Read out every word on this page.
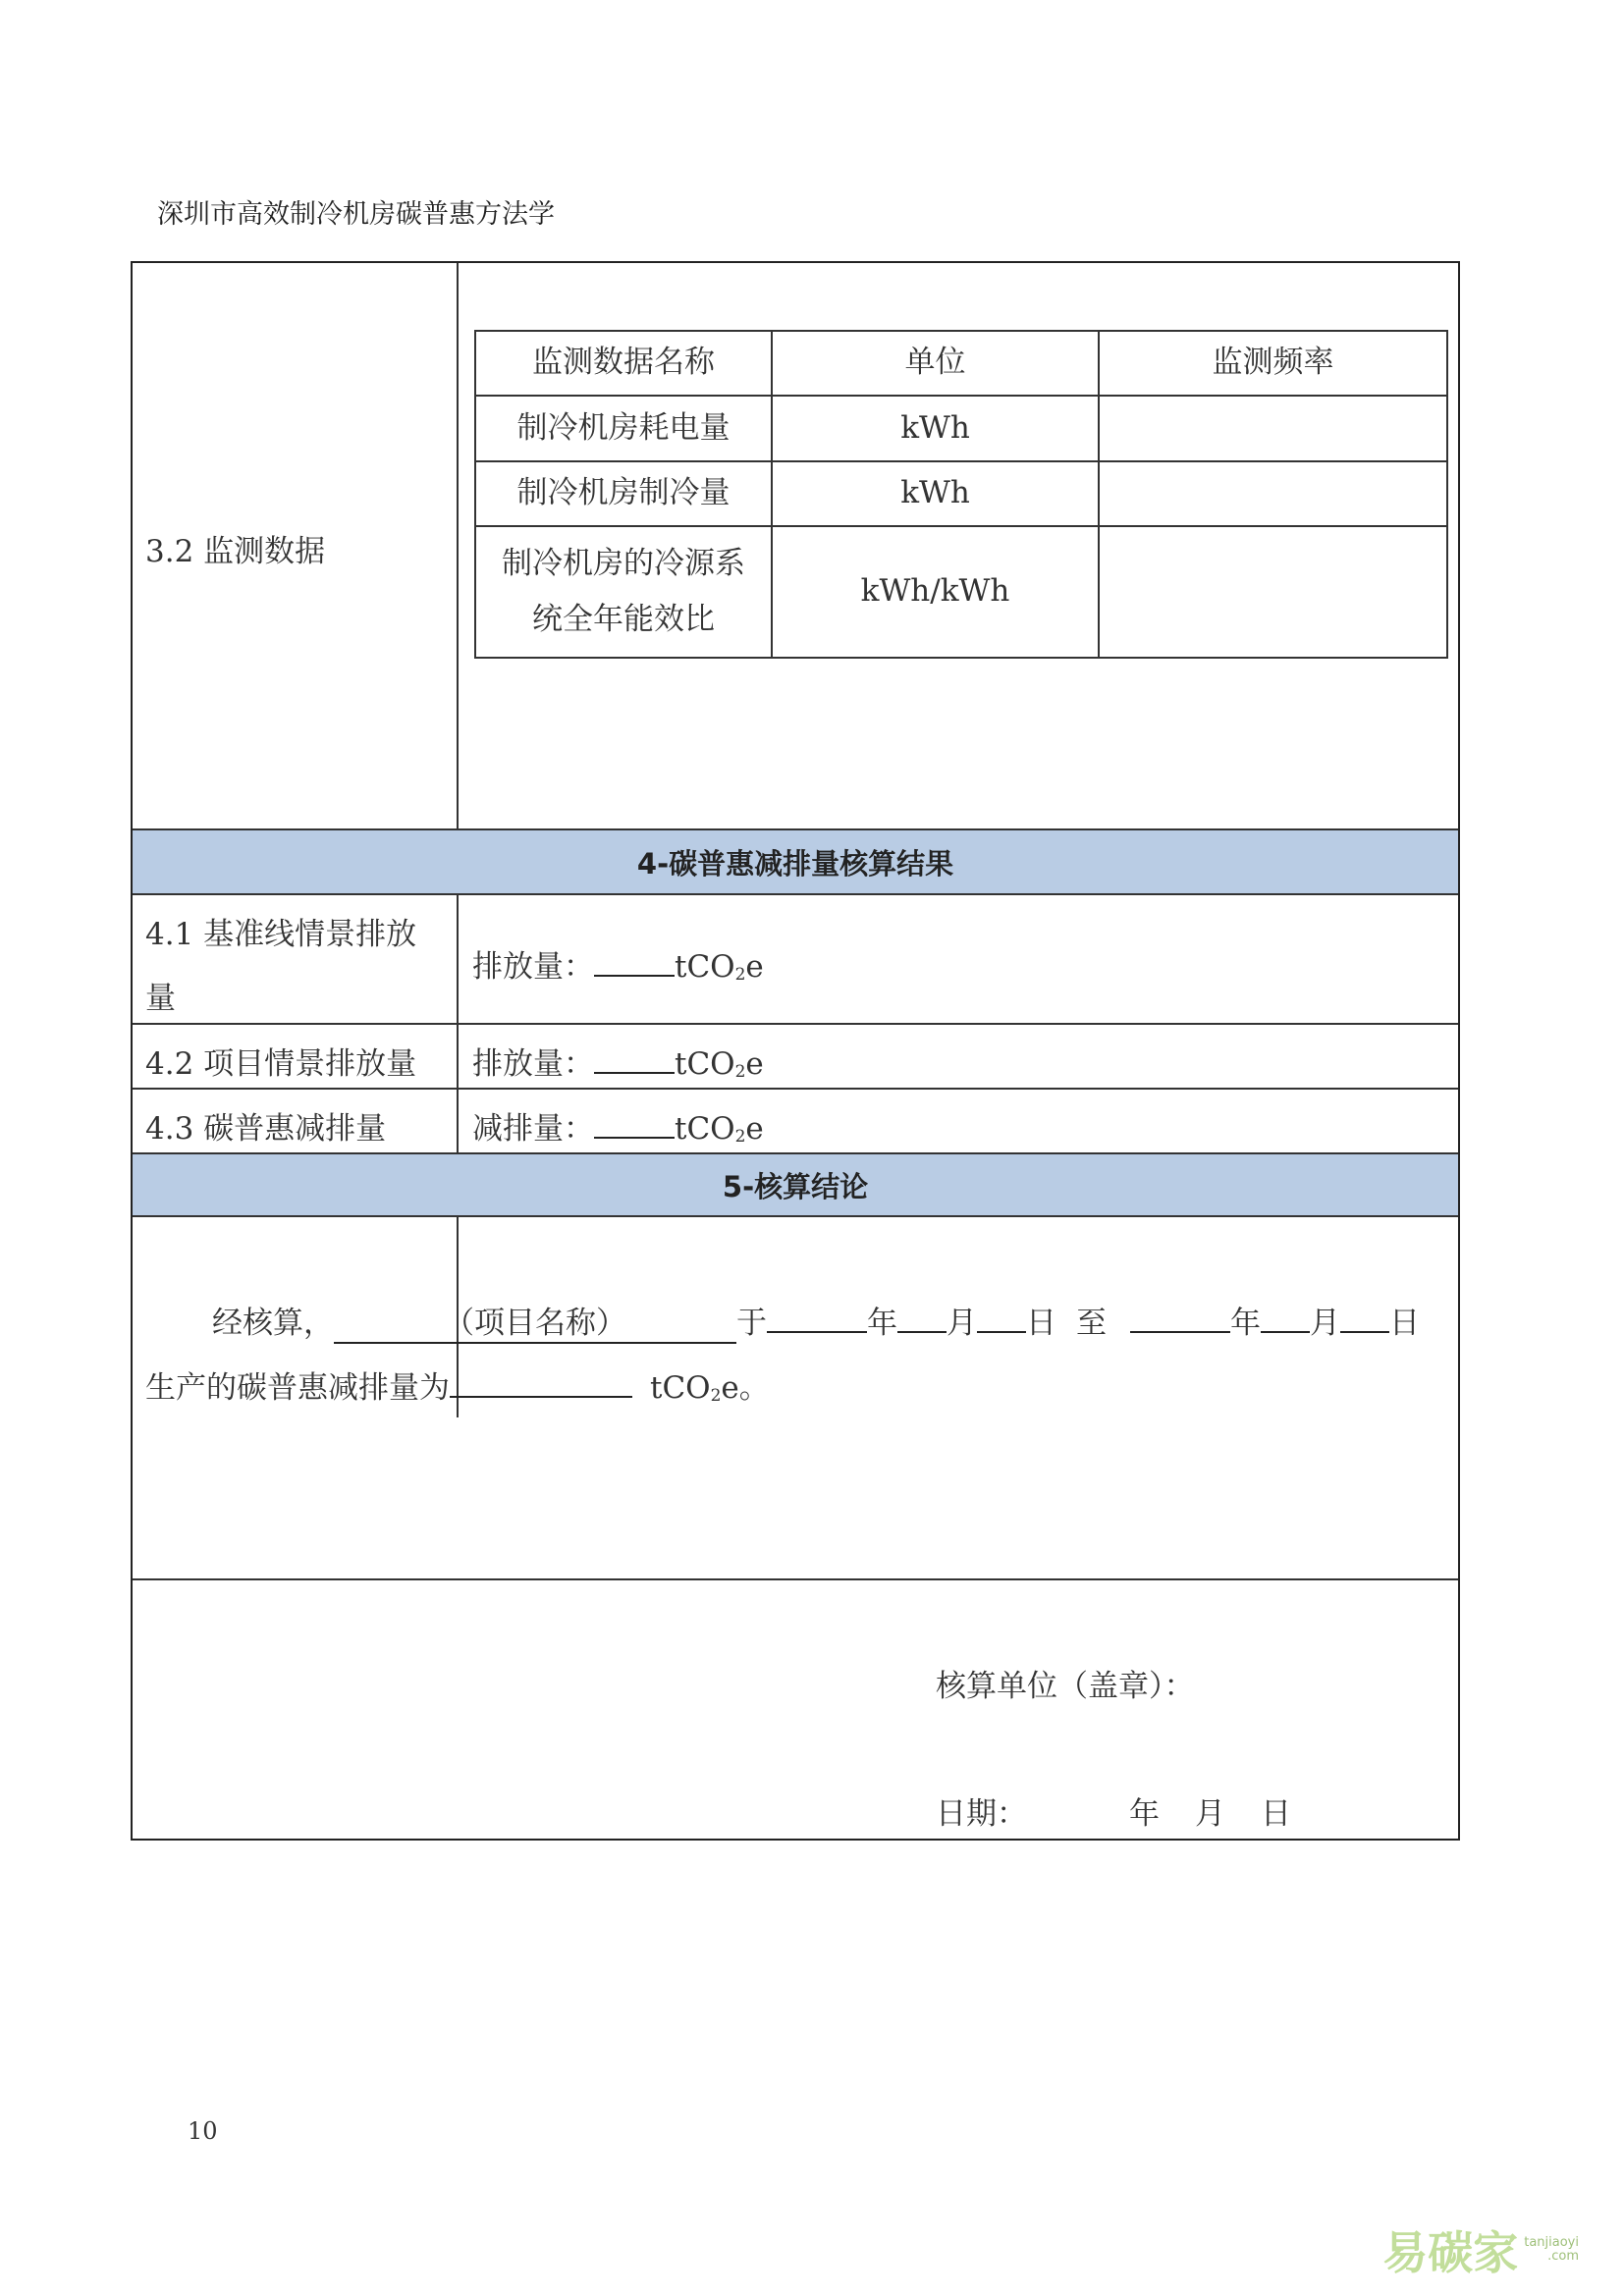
深圳市高效制冷机房碳普惠方法学
3.2 监测数据
监测数据名称	单位	监测频率
制冷机房耗电量	kWh	
制冷机房制冷量	kWh	

制冷机房的冷源系
统全年能效比	kWh/kWh	
4-碳普惠减排量核算结果
4.1 基准线情景排放
量
排放量：	tCO2e
4.2 项目情景排放量 排放量：	tCO2e
4.3 碳普惠减排量	减排量：	tCO2e
5-核算结论
经核算，	（项目名称）	于	年 月 日 至	年 月 日
生产的碳普惠减排量为	tCO2e。
核算单位（盖章）：
日期：	年 月 日
10
易碳家 tanjiaoyi
.com
